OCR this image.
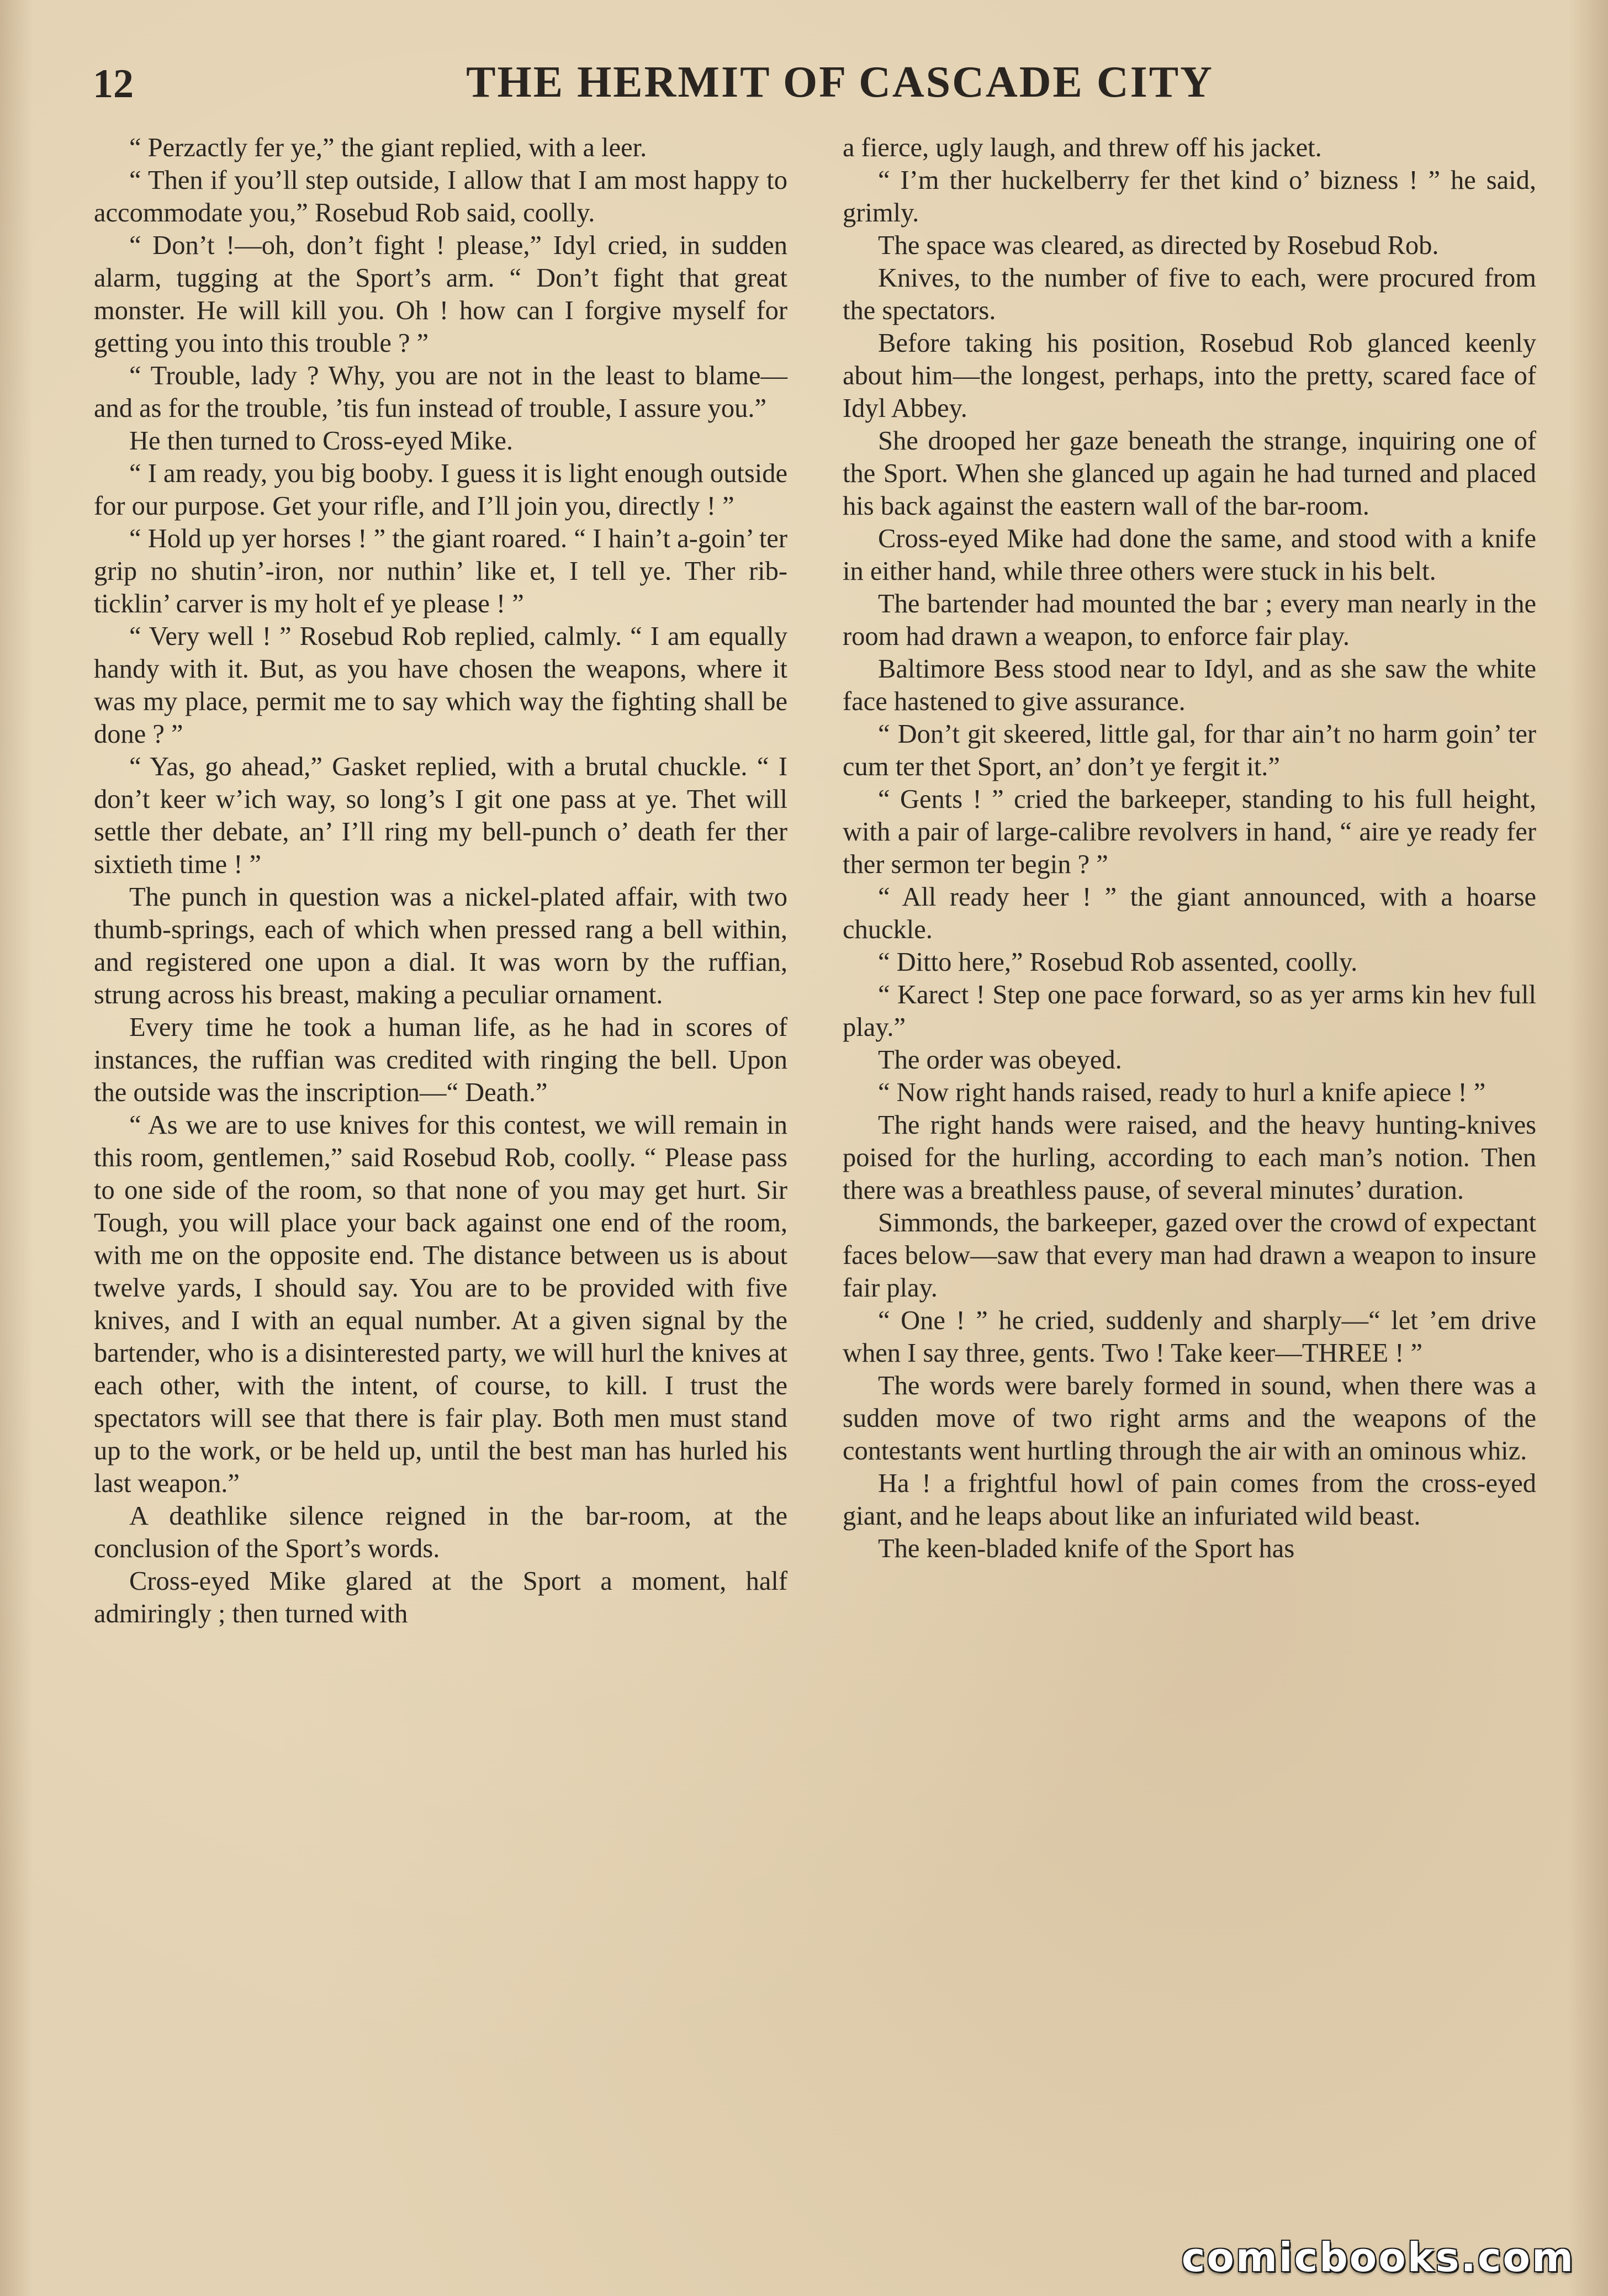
12	THE HERMIT OF CASCADE CITY

“ Perzactly fer ye,” the giant replied, with a leer.

“ Then if you’ll step outside, I allow that I am most happy to accommodate you,” Rosebud Rob said, coolly.

“ Don’t !—oh, don’t fight ! please,” Idyl cried, in sudden alarm, tugging at the Sport’s arm. “ Don’t fight that great monster. He will kill you. Oh ! how can I forgive myself for getting you into this trouble ? ”

“ Trouble, lady ? Why, you are not in the least to blame—and as for the trouble, ’tis fun instead of trouble, I assure you.”

He then turned to Cross-eyed Mike.

“ I am ready, you big booby. I guess it is light enough outside for our purpose. Get your rifle, and I’ll join you, directly ! ”

“ Hold up yer horses ! ” the giant roared. “ I hain’t a-goin’ ter grip no shutin’-iron, nor nuthin’ like et, I tell ye. Ther rib-ticklin’ carver is my holt ef ye please ! ”

“ Very well ! ” Rosebud Rob replied, calmly. “ I am equally handy with it. But, as you have chosen the weapons, where it was my place, permit me to say which way the fighting shall be done ? ”

“ Yas, go ahead,” Gasket replied, with a brutal chuckle. “ I don’t keer w’ich way, so long’s I git one pass at ye. Thet will settle ther debate, an’ I’ll ring my bell-punch o’ death fer ther sixtieth time ! ”

The punch in question was a nickel-plated affair, with two thumb-springs, each of which when pressed rang a bell within, and registered one upon a dial. It was worn by the ruffian, strung across his breast, making a peculiar ornament.

Every time he took a human life, as he had in scores of instances, the ruffian was credited with ringing the bell. Upon the outside was the inscription—“ Death.”

“ As we are to use knives for this contest, we will remain in this room, gentlemen,” said Rosebud Rob, coolly. “ Please pass to one side of the room, so that none of you may get hurt. Sir Tough, you will place your back against one end of the room, with me on the opposite end. The distance between us is about twelve yards, I should say. You are to be provided with five knives, and I with an equal number. At a given signal by the bartender, who is a disinterested party, we will hurl the knives at each other, with the intent, of course, to kill. I trust the spectators will see that there is fair play. Both men must stand up to the work, or be held up, until the best man has hurled his last weapon.”

A deathlike silence reigned in the bar-room, at the conclusion of the Sport’s words.

Cross-eyed Mike glared at the Sport a moment, half admiringly ; then turned with

a fierce, ugly laugh, and threw off his jacket.

“ I’m ther huckelberry fer thet kind o’ bizness ! ” he said, grimly.

The space was cleared, as directed by Rosebud Rob.

Knives, to the number of five to each, were procured from the spectators.

Before taking his position, Rosebud Rob glanced keenly about him—the longest, perhaps, into the pretty, scared face of Idyl Abbey.

She drooped her gaze beneath the strange, inquiring one of the Sport. When she glanced up again he had turned and placed his back against the eastern wall of the bar-room.

Cross-eyed Mike had done the same, and stood with a knife in either hand, while three others were stuck in his belt.

The bartender had mounted the bar ; every man nearly in the room had drawn a weapon, to enforce fair play.

Baltimore Bess stood near to Idyl, and as she saw the white face hastened to give assurance.

“ Don’t git skeered, little gal, for thar ain’t no harm goin’ ter cum ter thet Sport, an’ don’t ye fergit it.”

“ Gents ! ” cried the barkeeper, standing to his full height, with a pair of large-calibre revolvers in hand, “ aire ye ready fer ther sermon ter begin ? ”

“ All ready heer ! ” the giant announced, with a hoarse chuckle.

“ Ditto here,” Rosebud Rob assented, coolly.

“ Karect ! Step one pace forward, so as yer arms kin hev full play.”

The order was obeyed.

“ Now right hands raised, ready to hurl a knife apiece ! ”

The right hands were raised, and the heavy hunting-knives poised for the hurling, according to each man’s notion. Then there was a breathless pause, of several minutes’ duration.

Simmonds, the barkeeper, gazed over the crowd of expectant faces below—saw that every man had drawn a weapon to insure fair play.

“ One ! ” he cried, suddenly and sharply—“ let ’em drive when I say three, gents. Two ! Take keer—THREE ! ”

The words were barely formed in sound, when there was a sudden move of two right arms and the weapons of the contestants went hurtling through the air with an ominous whiz.

Ha ! a frightful howl of pain comes from the cross-eyed giant, and he leaps about like an infuriated wild beast.

The keen-bladed knife of the Sport has

comicbooks.com
